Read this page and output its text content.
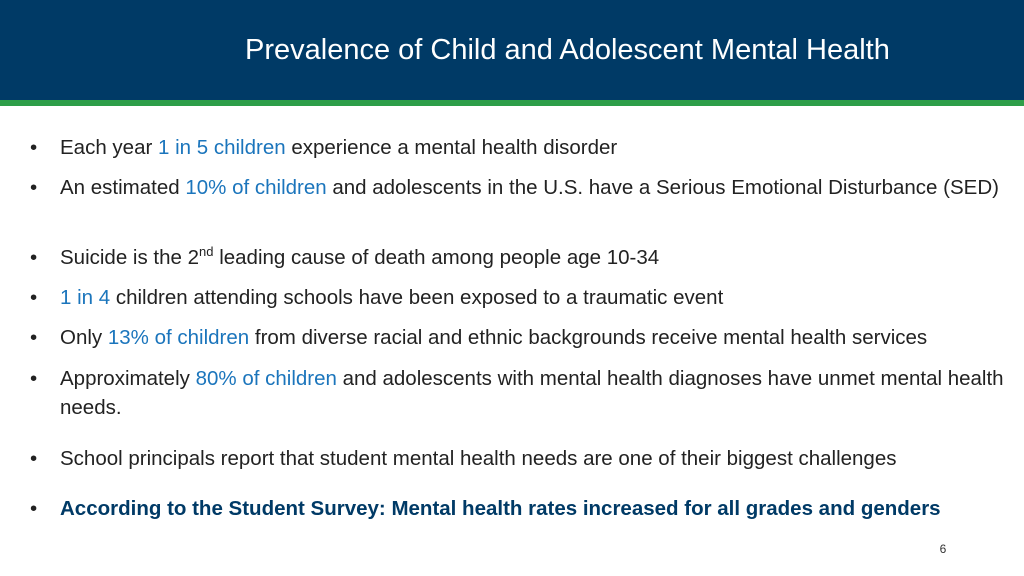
Prevalence of Child and Adolescent Mental Health
•	Each year 1 in 5 children experience a mental health disorder
•	An estimated 10% of children and adolescents in the U.S. have a Serious Emotional Disturbance (SED)
•	Suicide is the 2nd leading cause of death among people age 10-34
•	1 in 4 children attending schools have been exposed to a traumatic event
•	Only 13% of children from diverse racial and ethnic backgrounds receive mental health services
•	Approximately 80% of children and adolescents with mental health diagnoses have unmet mental health needs.
•	School principals report that student mental health needs are one of their biggest challenges
•	According to the Student Survey: Mental health rates increased for all grades and genders
6
